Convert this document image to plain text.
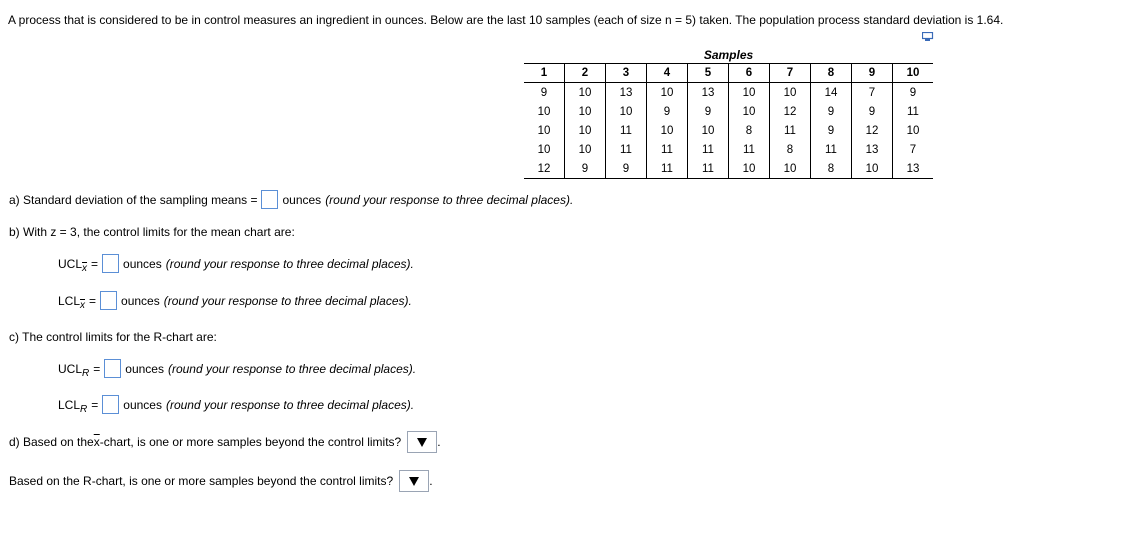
A process that is considered to be in control measures an ingredient in ounces. Below are the last 10 samples (each of size n = 5) taken. The population process standard deviation is 1.64.
Samples									
1	2	3	4	5	6	7	8	9	10
9	10	13	10	13	10	10	14	7	9
10	10	10	9	9	10	12	9	9	11
10	10	11	10	10	8	11	9	12	10
10	10	11	11	11	11	8	11	13	7
12	9	9	11	11	10	10	8	10	13
a) Standard deviation of the sampling means = ounces (round your response to three decimal places).
b) With z = 3, the control limits for the mean chart are:
UCL $\overline{x}$ = ounces (round your response to three decimal places).
LCL $\overline{x}$ = ounces (round your response to three decimal places).
c) The control limits for the R-chart are:
UCL R = ounces (round your response to three decimal places).
LCL R = ounces (round your response to three decimal places).
d) Based on the $\overline{x}$ -chart, is one or more samples beyond the control limits?	.
Based on the R-chart, is one or more samples beyond the control limits?	.
